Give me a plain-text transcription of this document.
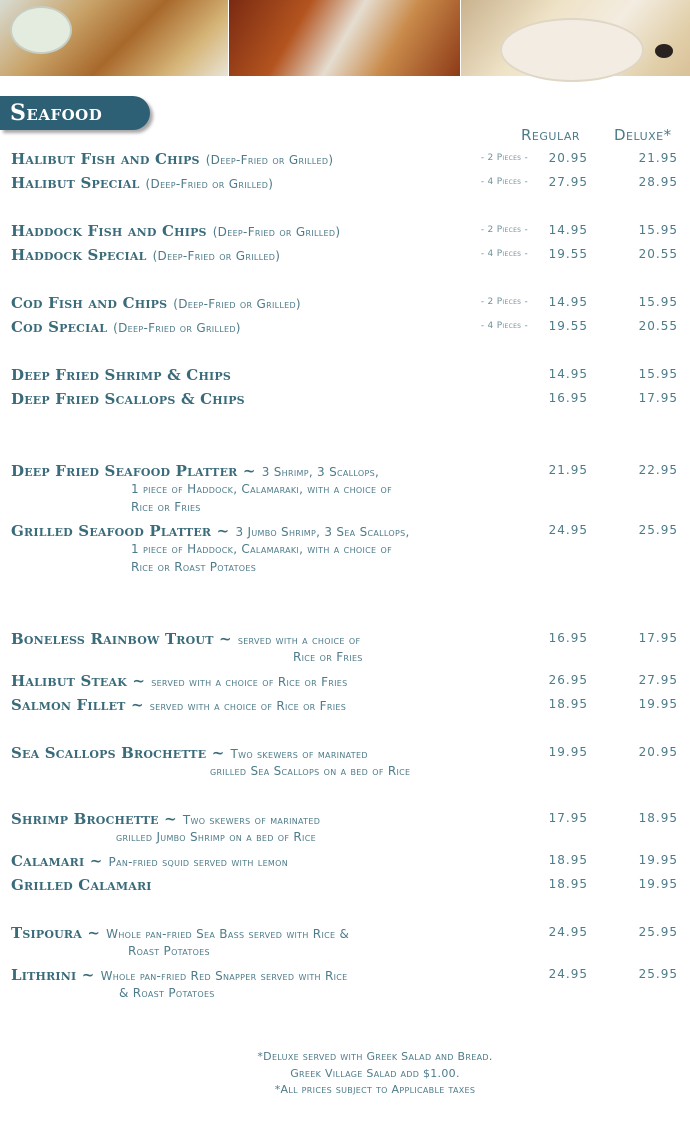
Seafood
Regular Deluxe*
Halibut Fish and Chips (Deep-Fried or Grilled)	- 2 Pieces - 20.95	21.95
Halibut Special (Deep-Fried or Grilled)	- 4 Pieces - 27.95	28.95
Haddock Fish and Chips (Deep-Fried or Grilled)	- 2 Pieces - 14.95	15.95
Haddock Special (Deep-Fried or Grilled)	- 4 Pieces - 19.55	20.55
Cod Fish and Chips (Deep-Fried or Grilled)	- 2 Pieces - 14.95	15.95
Cod Special (Deep-Fried or Grilled)	- 4 Pieces - 19.55	20.55
Deep Fried Shrimp & Chips	14.95	15.95
Deep Fried Scallops & Chips	16.95	17.95
Deep Fried Seafood Platter ~ 3 Shrimp, 3 Scallops,	21.95	22.95
1 piece of Haddock, Calamaraki, with a choice of
Rice or Fries
Grilled Seafood Platter ~ 3 Jumbo Shrimp, 3 Sea Scallops,	24.95	25.95
1 piece of Haddock, Calamaraki, with a choice of
Rice or Roast Potatoes
Boneless Rainbow Trout ~ served with a choice of	16.95	17.95
Rice or Fries
Halibut Steak ~ served with a choice of Rice or Fries	26.95	27.95
Salmon Fillet ~ served with a choice of Rice or Fries	18.95	19.95
Sea Scallops Brochette ~ Two skewers of marinated	19.95	20.95
grilled Sea Scallops on a bed of Rice
Shrimp Brochette ~ Two skewers of marinated	17.95	18.95
grilled Jumbo Shrimp on a bed of Rice
Calamari ~ Pan-fried squid served with lemon	18.95	19.95
Grilled Calamari	18.95	19.95
Tsipoura ~ Whole pan-fried Sea Bass served with Rice &	24.95	25.95
Roast Potatoes
Lithrini ~ Whole pan-fried Red Snapper served with Rice	24.95	25.95
& Roast Potatoes
*Deluxe served with Greek Salad and Bread.
Greek Village Salad add $1.00.
*All prices subject to Applicable taxes
